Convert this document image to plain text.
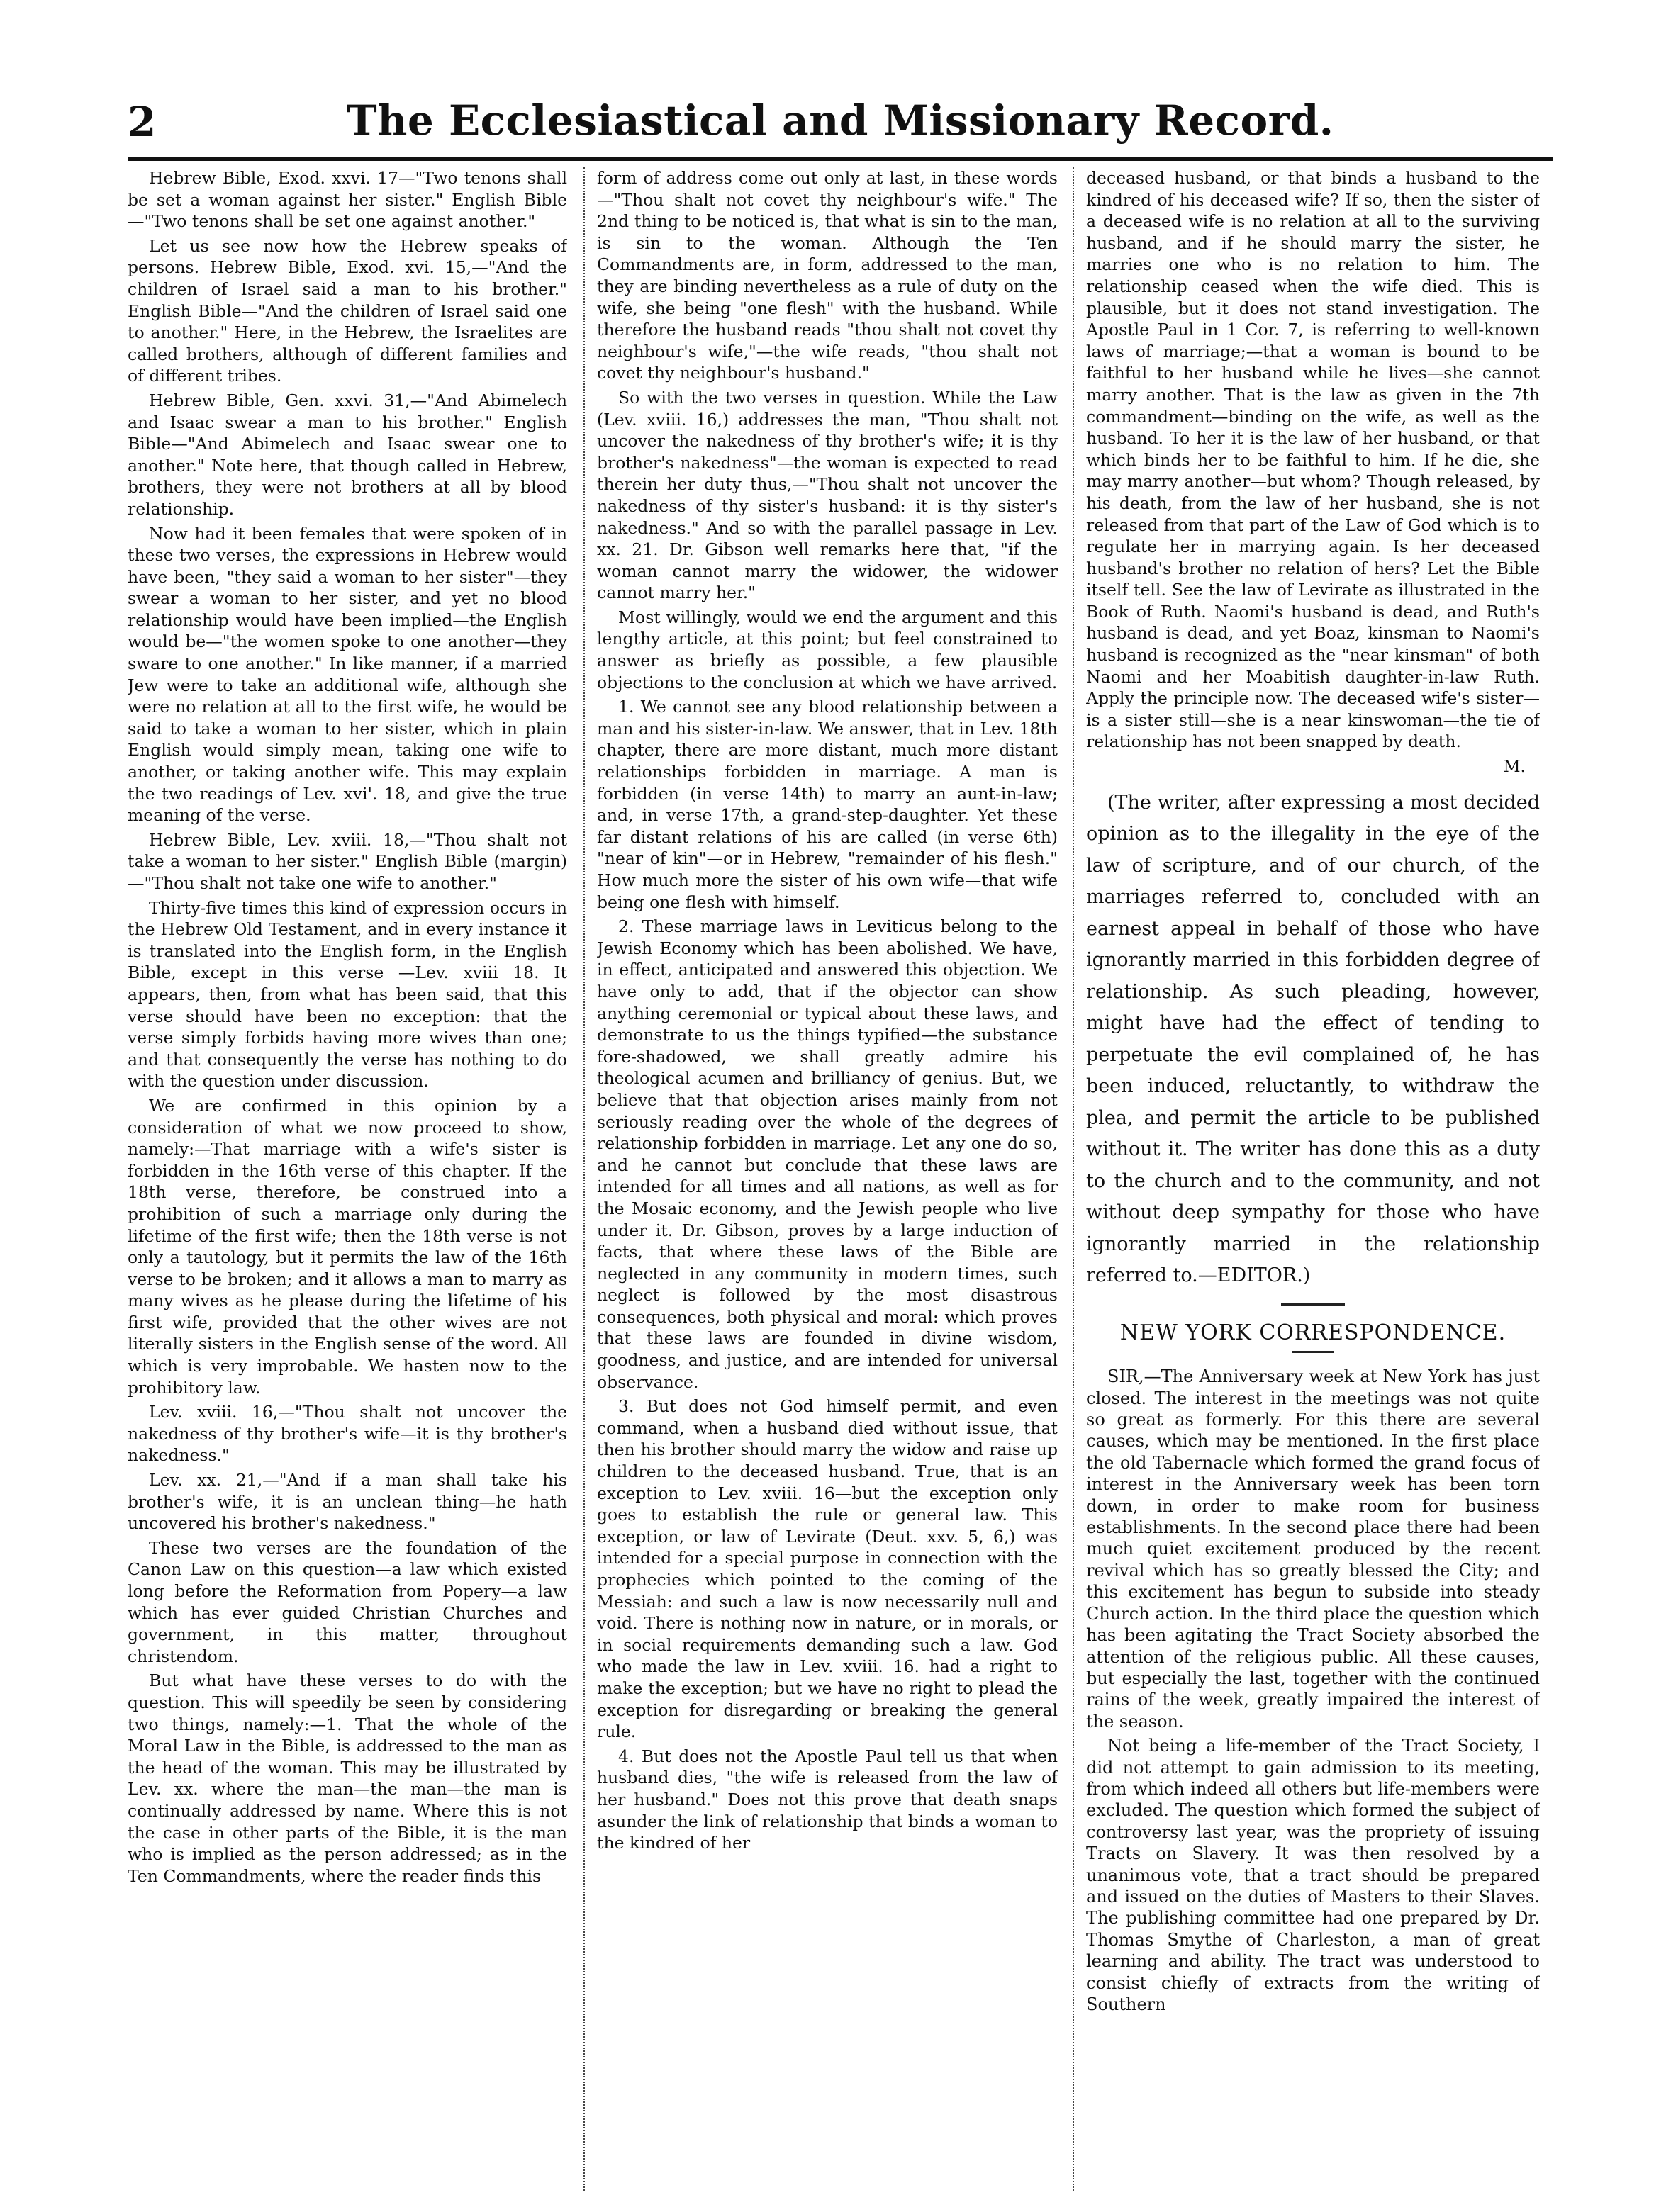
2	The Ecclesiastical and Missionary Record.

Hebrew Bible, Exod. xxvi. 17—"Two tenons shall be set a woman against her sister." English Bible—"Two tenons shall be set one against another."

Let us see now how the Hebrew speaks of persons. Hebrew Bible, Exod. xvi. 15,—"And the children of Israel said a man to his brother." English Bible—"And the children of Israel said one to another." Here, in the Hebrew, the Israelites are called brothers, although of different families and of different tribes.

Hebrew Bible, Gen. xxvi. 31,—"And Abimelech and Isaac swear a man to his brother." English Bible—"And Abimelech and Isaac swear one to another." Note here, that though called in Hebrew, brothers, they were not brothers at all by blood relationship.

Now had it been females that were spoken of in these two verses, the expressions in Hebrew would have been, "they said a woman to her sister"—they swear a woman to her sister, and yet no blood relationship would have been implied—the English would be—"the women spoke to one another—they sware to one another." In like manner, if a married Jew were to take an additional wife, although she were no relation at all to the first wife, he would be said to take a woman to her sister, which in plain English would simply mean, taking one wife to another, or taking another wife. This may explain the two readings of Lev. xvi'. 18, and give the true meaning of the verse.

Hebrew Bible, Lev. xviii. 18,—"Thou shalt not take a woman to her sister." English Bible (margin)—"Thou shalt not take one wife to another."

Thirty-five times this kind of expression occurs in the Hebrew Old Testament, and in every instance it is translated into the English form, in the English Bible, except in this verse —Lev. xviii 18. It appears, then, from what has been said, that this verse should have been no exception: that the verse simply forbids having more wives than one; and that consequently the verse has nothing to do with the question under discussion.

We are confirmed in this opinion by a consideration of what we now proceed to show, namely:—That marriage with a wife's sister is forbidden in the 16th verse of this chapter. If the 18th verse, therefore, be construed into a prohibition of such a marriage only during the lifetime of the first wife; then the 18th verse is not only a tautology, but it permits the law of the 16th verse to be broken; and it allows a man to marry as many wives as he please during the lifetime of his first wife, provided that the other wives are not literally sisters in the English sense of the word. All which is very improbable. We hasten now to the prohibitory law.

Lev. xviii. 16,—"Thou shalt not uncover the nakedness of thy brother's wife—it is thy brother's nakedness."

Lev. xx. 21,—"And if a man shall take his brother's wife, it is an unclean thing—he hath uncovered his brother's nakedness."

These two verses are the foundation of the Canon Law on this question—a law which existed long before the Reformation from Popery—a law which has ever guided Christian Churches and government, in this matter, throughout christendom.

But what have these verses to do with the question. This will speedily be seen by considering two things, namely:—1. That the whole of the Moral Law in the Bible, is addressed to the man as the head of the woman. This may be illustrated by Lev. xx. where the man—the man—the man is continually addressed by name. Where this is not the case in other parts of the Bible, it is the man who is implied as the person addressed; as in the Ten Commandments, where the reader finds this

form of address come out only at last, in these words—"Thou shalt not covet thy neighbour's wife." The 2nd thing to be noticed is, that what is sin to the man, is sin to the woman. Although the Ten Commandments are, in form, addressed to the man, they are binding nevertheless as a rule of duty on the wife, she being "one flesh" with the husband. While therefore the husband reads "thou shalt not covet thy neighbour's wife,"—the wife reads, "thou shalt not covet thy neighbour's husband."

So with the two verses in question. While the Law (Lev. xviii. 16,) addresses the man, "Thou shalt not uncover the nakedness of thy brother's wife; it is thy brother's nakedness"—the woman is expected to read therein her duty thus,—"Thou shalt not uncover the nakedness of thy sister's husband: it is thy sister's nakedness." And so with the parallel passage in Lev. xx. 21. Dr. Gibson well remarks here that, "if the woman cannot marry the widower, the widower cannot marry her."

Most willingly, would we end the argument and this lengthy article, at this point; but feel constrained to answer as briefly as possible, a few plausible objections to the conclusion at which we have arrived.

1. We cannot see any blood relationship between a man and his sister-in-law. We answer, that in Lev. 18th chapter, there are more distant, much more distant relationships forbidden in marriage. A man is forbidden (in verse 14th) to marry an aunt-in-law; and, in verse 17th, a grand-step-daughter. Yet these far distant relations of his are called (in verse 6th) "near of kin"—or in Hebrew, "remainder of his flesh." How much more the sister of his own wife—that wife being one flesh with himself.

2. These marriage laws in Leviticus belong to the Jewish Economy which has been abolished. We have, in effect, anticipated and answered this objection. We have only to add, that if the objector can show anything ceremonial or typical about these laws, and demonstrate to us the things typified—the substance fore-shadowed, we shall greatly admire his theological acumen and brilliancy of genius. But, we believe that that objection arises mainly from not seriously reading over the whole of the degrees of relationship forbidden in marriage. Let any one do so, and he cannot but conclude that these laws are intended for all times and all nations, as well as for the Mosaic economy, and the Jewish people who live under it. Dr. Gibson, proves by a large induction of facts, that where these laws of the Bible are neglected in any community in modern times, such neglect is followed by the most disastrous consequences, both physical and moral: which proves that these laws are founded in divine wisdom, goodness, and justice, and are intended for universal observance.

3. But does not God himself permit, and even command, when a husband died without issue, that then his brother should marry the widow and raise up children to the deceased husband. True, that is an exception to Lev. xviii. 16—but the exception only goes to establish the rule or general law. This exception, or law of Levirate (Deut. xxv. 5, 6,) was intended for a special purpose in connection with the prophecies which pointed to the coming of the Messiah: and such a law is now necessarily null and void. There is nothing now in nature, or in morals, or in social requirements demanding such a law. God who made the law in Lev. xviii. 16. had a right to make the exception; but we have no right to plead the exception for disregarding or breaking the general rule.

4. But does not the Apostle Paul tell us that when husband dies, "the wife is released from the law of her husband." Does not this prove that death snaps asunder the link of relationship that binds a woman to the kindred of her

deceased husband, or that binds a husband to the kindred of his deceased wife? If so, then the sister of a deceased wife is no relation at all to the surviving husband, and if he should marry the sister, he marries one who is no relation to him. The relationship ceased when the wife died. This is plausible, but it does not stand investigation. The Apostle Paul in 1 Cor. 7, is referring to well-known laws of marriage;—that a woman is bound to be faithful to her husband while he lives—she cannot marry another. That is the law as given in the 7th commandment—binding on the wife, as well as the husband. To her it is the law of her husband, or that which binds her to be faithful to him. If he die, she may marry another—but whom? Though released, by his death, from the law of her husband, she is not released from that part of the Law of God which is to regulate her in marrying again. Is her deceased husband's brother no relation of hers? Let the Bible itself tell. See the law of Levirate as illustrated in the Book of Ruth. Naomi's husband is dead, and Ruth's husband is dead, and yet Boaz, kinsman to Naomi's husband is recognized as the "near kinsman" of both Naomi and her Moabitish daughter-in-law Ruth. Apply the principle now. The deceased wife's sister—is a sister still—she is a near kinswoman—the tie of relationship has not been snapped by death.

M.

(The writer, after expressing a most decided opinion as to the illegality in the eye of the law of scripture, and of our church, of the marriages referred to, concluded with an earnest appeal in behalf of those who have ignorantly married in this forbidden degree of relationship. As such pleading, however, might have had the effect of tending to perpetuate the evil complained of, he has been induced, reluctantly, to withdraw the plea, and permit the article to be published without it. The writer has done this as a duty to the church and to the community, and not without deep sympathy for those who have ignorantly married in the relationship referred to.—EDITOR.)

NEW YORK CORRESPONDENCE.

SIR,—The Anniversary week at New York has just closed. The interest in the meetings was not quite so great as formerly. For this there are several causes, which may be mentioned. In the first place the old Tabernacle which formed the grand focus of interest in the Anniversary week has been torn down, in order to make room for business establishments. In the second place there had been much quiet excitement produced by the recent revival which has so greatly blessed the City; and this excitement has begun to subside into steady Church action. In the third place the question which has been agitating the Tract Society absorbed the attention of the religious public. All these causes, but especially the last, together with the continued rains of the week, greatly impaired the interest of the season.

Not being a life-member of the Tract Society, I did not attempt to gain admission to its meeting, from which indeed all others but life-members were excluded. The question which formed the subject of controversy last year, was the propriety of issuing Tracts on Slavery. It was then resolved by a unanimous vote, that a tract should be prepared and issued on the duties of Masters to their Slaves. The publishing committee had one prepared by Dr. Thomas Smythe of Charleston, a man of great learning and ability. The tract was understood to consist chiefly of extracts from the writing of Southern
